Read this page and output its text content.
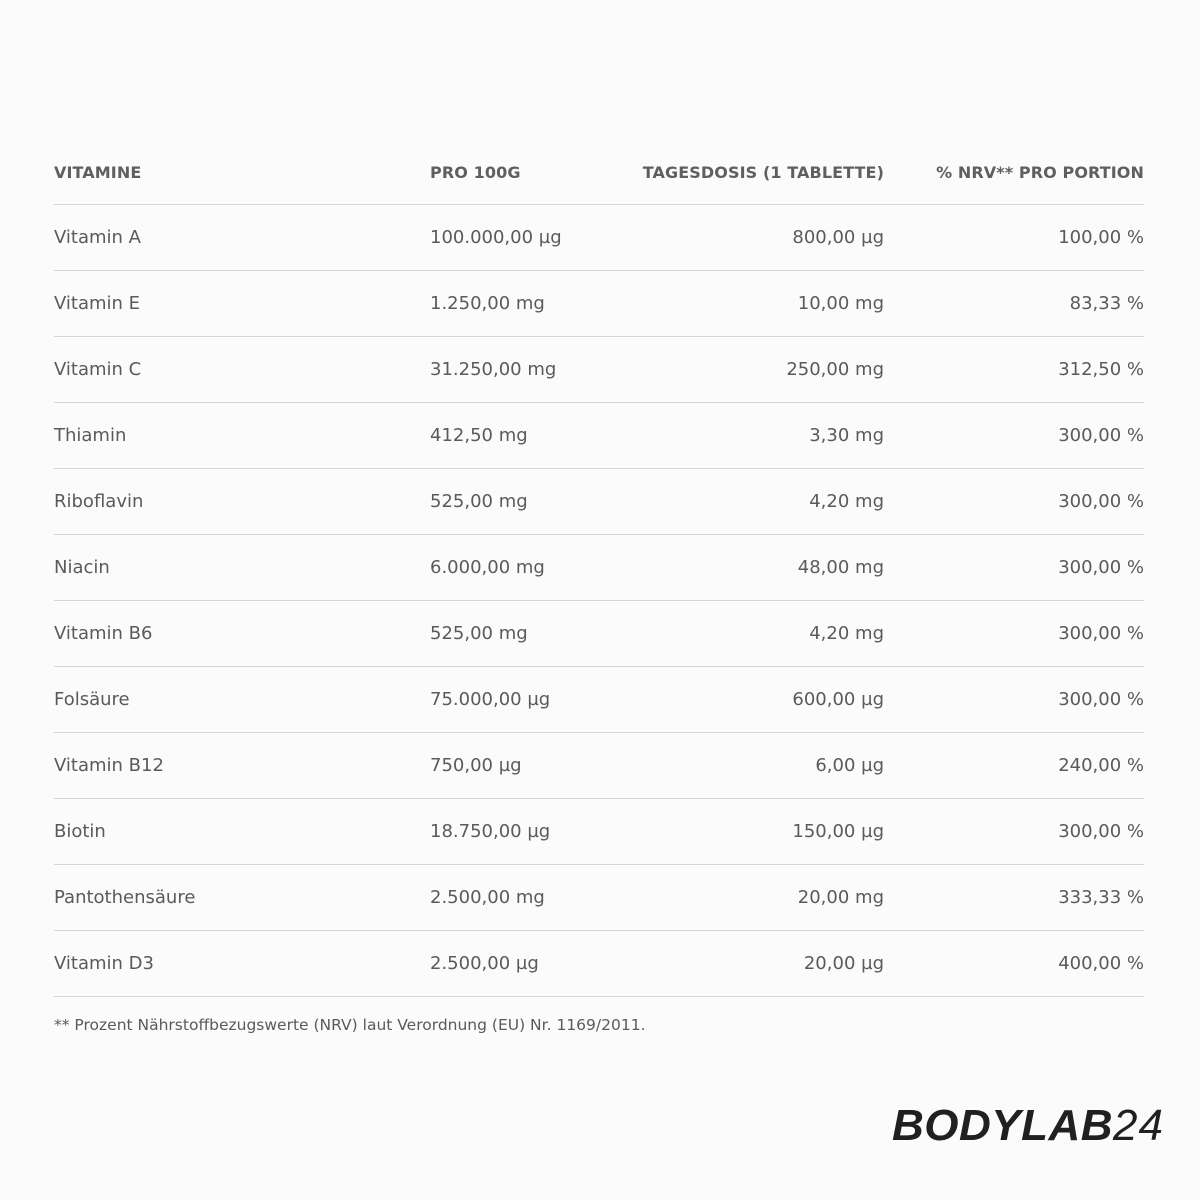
VITAMINE	PRO 100G	TAGESDOSIS (1 TABLETTE)	% NRV** PRO PORTION
Vitamin A	100.000,00 µg	800,00 µg	100,00 %
Vitamin E	1.250,00 mg	10,00 mg	83,33 %
Vitamin C	31.250,00 mg	250,00 mg	312,50 %
Thiamin	412,50 mg	3,30 mg	300,00 %
Riboflavin	525,00 mg	4,20 mg	300,00 %
Niacin	6.000,00 mg	48,00 mg	300,00 %
Vitamin B6	525,00 mg	4,20 mg	300,00 %
Folsäure	75.000,00 µg	600,00 µg	300,00 %
Vitamin B12	750,00 µg	6,00 µg	240,00 %
Biotin	18.750,00 µg	150,00 µg	300,00 %
Pantothensäure	2.500,00 mg	20,00 mg	333,33 %
Vitamin D3	2.500,00 µg	20,00 µg	400,00 %
** Prozent Nährstoffbezugswerte (NRV) laut Verordnung (EU) Nr. 1169/2011.
BODYLAB24
